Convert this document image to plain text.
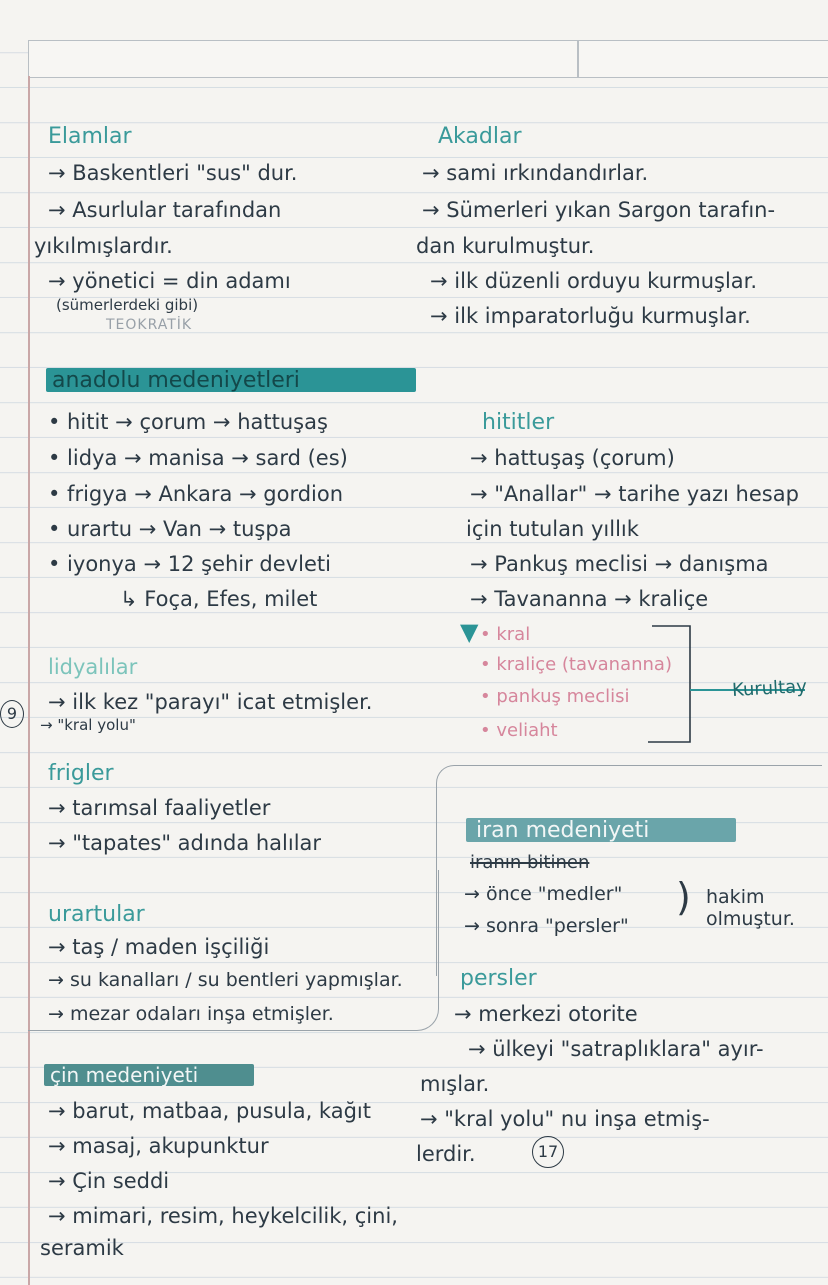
Elamlar
→ Baskentleri "sus" dur.
→ Asurlular tarafından
yıkılmışlardır.
→ yönetici = din adamı
(sümerlerdeki gibi)
TEOKRATİK
Akadlar
→ sami ırkındandırlar.
→ Sümerleri yıkan Sargon tarafın-
dan kurulmuştur.
→ ilk düzenli orduyu kurmuşlar.
→ ilk imparatorluğu kurmuşlar.
anadolu medeniyetleri
• hitit → çorum → hattuşaş
• lidya → manisa → sard (es)
• frigya → Ankara → gordion
• urartu → Van → tuşpa
• iyonya → 12 şehir devleti
↳ Foça, Efes, milet
hititler
→ hattuşaş (çorum)
→ "Anallar" → tarihe yazı hesap
için tutulan yıllık
→ Pankuş meclisi → danışma
→ Tavananna → kraliçe
▼ • kral
• kraliçe (tavananna)
• pankuş meclisi
• veliaht
Kurultay
lidyalılar
→ ilk kez "parayı" icat etmişler.
→ "kral yolu"
9
frigler
→ tarımsal faaliyetler
→ "tapates" adında halılar	iran medeniyeti
iranın bitinen
→ önce "medler"
→ sonra "persler"
) hakim
olmuştur.
urartular
→ taş / maden işçiliği
→ su kanalları / su bentleri yapmışlar.
→ mezar odaları inşa etmişler.
persler
→ merkezi otorite
→ ülkeyi "satraplıklara" ayır-
mışlar.
→ "kral yolu" nu inşa etmiş-
lerdir.	17
çin medeniyeti
→ barut, matbaa, pusula, kağıt
→ masaj, akupunktur
→ Çin seddi
→ mimari, resim, heykelcilik, çini,
seramik
